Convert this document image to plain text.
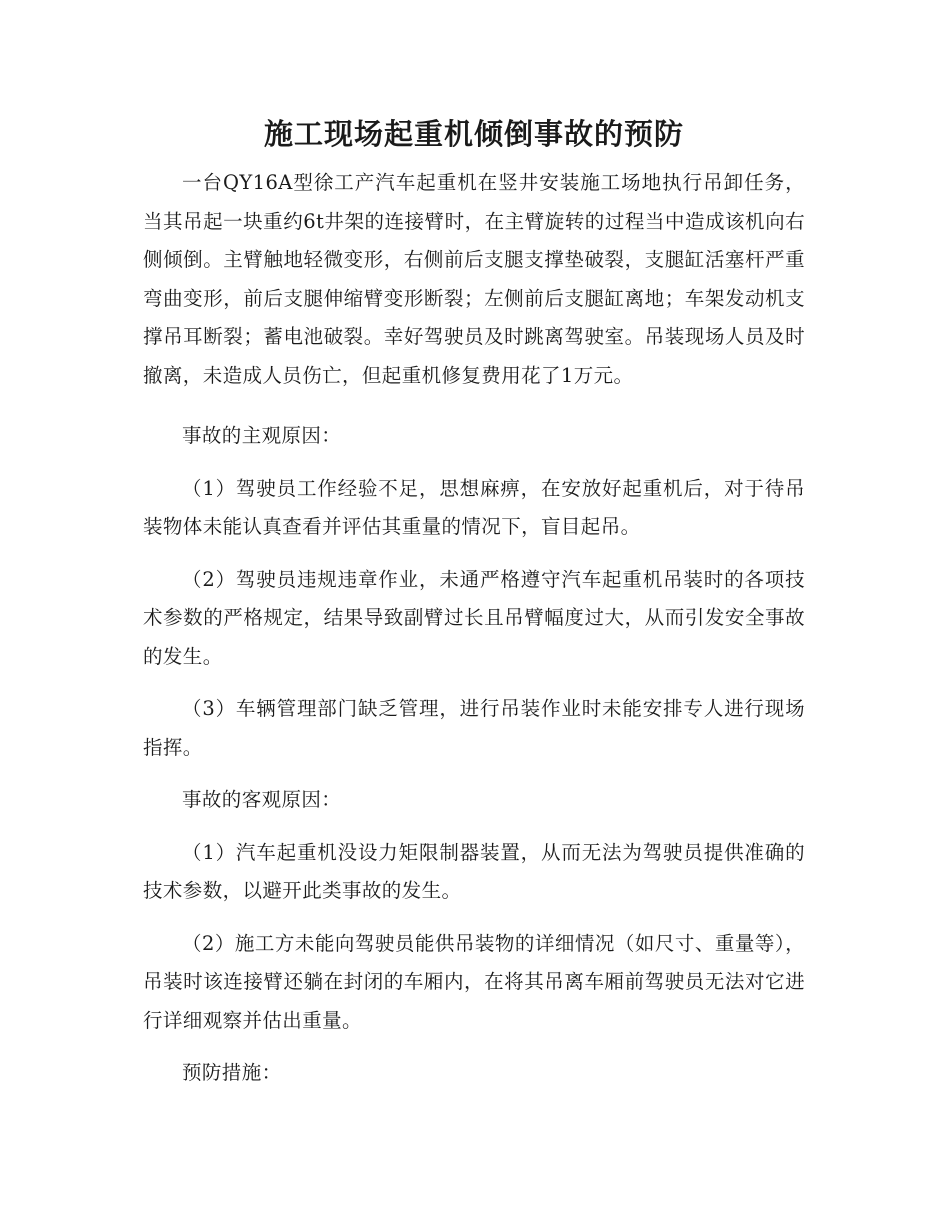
施工现场起重机倾倒事故的预防

一台QY16A型徐工产汽车起重机在竖井安装施工场地执行吊卸任务，当其吊起一块重约6t井架的连接臂时，在主臂旋转的过程当中造成该机向右侧倾倒。主臂触地轻微变形，右侧前后支腿支撑垫破裂，支腿缸活塞杆严重弯曲变形，前后支腿伸缩臂变形断裂；左侧前后支腿缸离地；车架发动机支撑吊耳断裂；蓄电池破裂。幸好驾驶员及时跳离驾驶室。吊装现场人员及时撤离，未造成人员伤亡，但起重机修复费用花了1万元。

事故的主观原因：

（1）驾驶员工作经验不足，思想麻痹，在安放好起重机后，对于待吊装物体未能认真查看并评估其重量的情况下，盲目起吊。

（2）驾驶员违规违章作业，未通严格遵守汽车起重机吊装时的各项技术参数的严格规定，结果导致副臂过长且吊臂幅度过大，从而引发安全事故的发生。

（3）车辆管理部门缺乏管理，进行吊装作业时未能安排专人进行现场指挥。

事故的客观原因：

（1）汽车起重机没设力矩限制器装置，从而无法为驾驶员提供准确的技术参数，以避开此类事故的发生。

（2）施工方未能向驾驶员能供吊装物的详细情况（如尺寸、重量等），吊装时该连接臂还躺在封闭的车厢内，在将其吊离车厢前驾驶员无法对它进行详细观察并估出重量。

预防措施：
